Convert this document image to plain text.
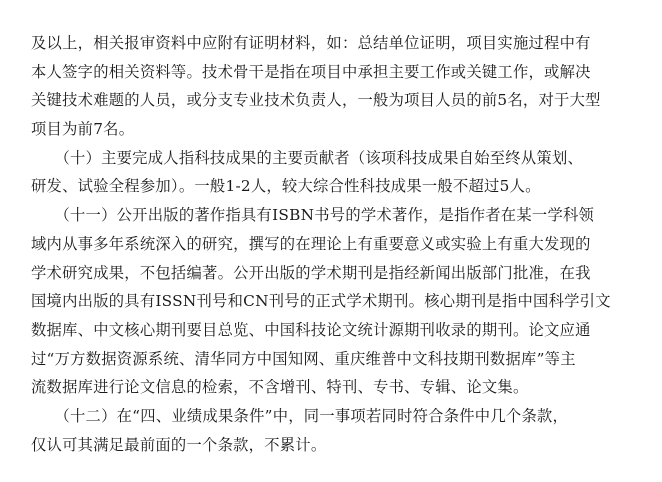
及以上，相关报审资料中应附有证明材料，如：总结单位证明，项目实施过程中有
本人签字的相关资料等。技术骨干是指在项目中承担主要工作或关键工作，或解决
关键技术难题的人员，或分支专业技术负责人，一般为项目人员的前5名，对于大型
项目为前7名。
　　（十）主要完成人指科技成果的主要贡献者（该项科技成果自始至终从策划、
研发、试验全程参加）。一般1-2人，较大综合性科技成果一般不超过5人。
　　（十一）公开出版的著作指具有ISBN书号的学术著作，是指作者在某一学科领
域内从事多年系统深入的研究，撰写的在理论上有重要意义或实验上有重大发现的
学术研究成果，不包括编著。公开出版的学术期刊是指经新闻出版部门批准，在我
国境内出版的具有ISSN刊号和CN刊号的正式学术期刊。核心期刊是指中国科学引文
数据库、中文核心期刊要目总览、中国科技论文统计源期刊收录的期刊。论文应通
过“万方数据资源系统、清华同方中国知网、重庆维普中文科技期刊数据库”等主
流数据库进行论文信息的检索，不含增刊、特刊、专书、专辑、论文集。
　　（十二）在“四、业绩成果条件”中，同一事项若同时符合条件中几个条款，
仅认可其满足最前面的一个条款，不累计。
